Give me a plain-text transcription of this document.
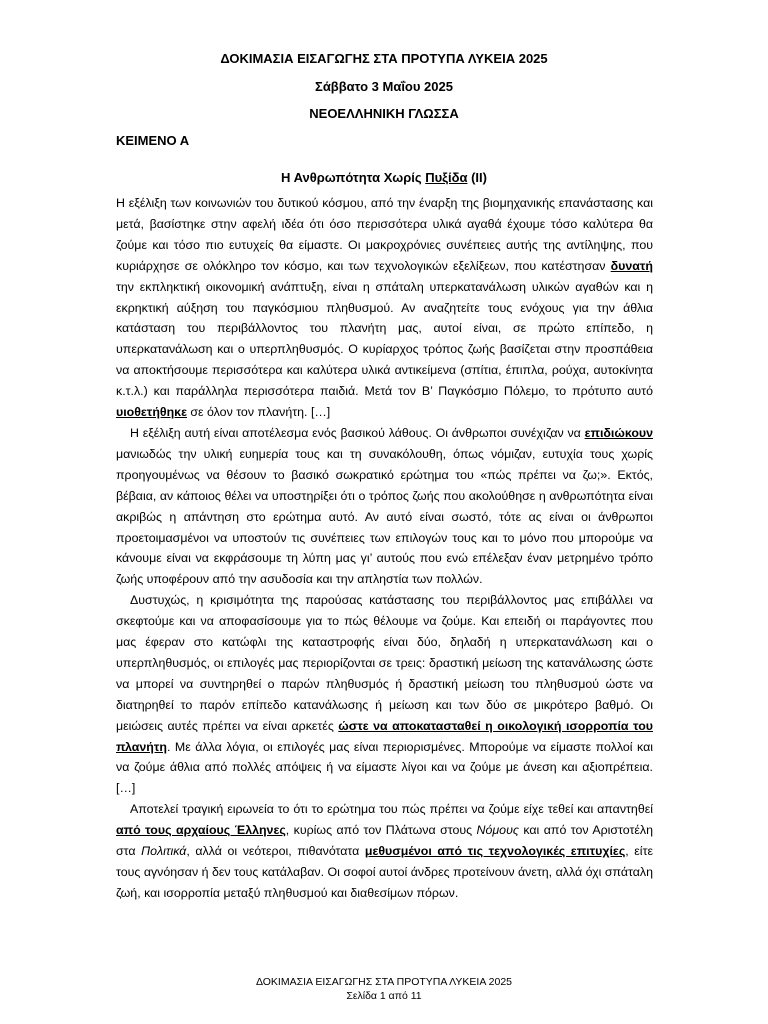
ΔΟΚΙΜΑΣΙΑ ΕΙΣΑΓΩΓΗΣ ΣΤΑ ΠΡΟΤΥΠΑ ΛΥΚΕΙΑ 2025
Σάββατο 3 Μαΐου 2025
ΝΕΟΕΛΛΗΝΙΚΗ ΓΛΩΣΣΑ
ΚΕΙΜΕΝΟ Α
Η Ανθρωπότητα Χωρίς Πυξίδα (ΙΙ)

Η εξέλιξη των κοινωνιών του δυτικού κόσμου, από την έναρξη της βιομηχανικής επανάστασης και μετά, βασίστηκε στην αφελή ιδέα ότι όσο περισσότερα υλικά αγαθά έχουμε τόσο καλύτερα θα ζούμε και τόσο πιο ευτυχείς θα είμαστε. Οι μακροχρόνιες συνέπειες αυτής της αντίληψης, που κυριάρχησε σε ολόκληρο τον κόσμο, και των τεχνολογικών εξελίξεων, που κατέστησαν δυνατή την εκπληκτική οικονομική ανάπτυξη, είναι η σπάταλη υπερκατανάλωση υλικών αγαθών και η εκρηκτική αύξηση του παγκόσμιου πληθυσμού. Αν αναζητείτε τους ενόχους για την άθλια κατάσταση του περιβάλλοντος του πλανήτη μας, αυτοί είναι, σε πρώτο επίπεδο, η υπερκατανάλωση και ο υπερπληθυσμός. Ο κυρίαρχος τρόπος ζωής βασίζεται στην προσπάθεια να αποκτήσουμε περισσότερα και καλύτερα υλικά αντικείμενα (σπίτια, έπιπλα, ρούχα, αυτοκίνητα κ.τ.λ.) και παράλληλα περισσότερα παιδιά. Μετά τον Β’ Παγκόσμιο Πόλεμο, το πρότυπο αυτό υιοθετήθηκε σε όλον τον πλανήτη. […]

Η εξέλιξη αυτή είναι αποτέλεσμα ενός βασικού λάθους. Οι άνθρωποι συνέχιζαν να επιδιώκουν μανιωδώς την υλική ευημερία τους και τη συνακόλουθη, όπως νόμιζαν, ευτυχία τους χωρίς προηγουμένως να θέσουν το βασικό σωκρατικό ερώτημα του «πώς πρέπει να ζω;». Εκτός, βέβαια, αν κάποιος θέλει να υποστηρίξει ότι ο τρόπος ζωής που ακολούθησε η ανθρωπότητα είναι ακριβώς η απάντηση στο ερώτημα αυτό. Αν αυτό είναι σωστό, τότε ας είναι οι άνθρωποι προετοιμασμένοι να υποστούν τις συνέπειες των επιλογών τους και το μόνο που μπορούμε να κάνουμε είναι να εκφράσουμε τη λύπη μας γι’ αυτούς που ενώ επέλεξαν έναν μετρημένο τρόπο ζωής υποφέρουν από την ασυδοσία και την απληστία των πολλών.

Δυστυχώς, η κρισιμότητα της παρούσας κατάστασης του περιβάλλοντος μας επιβάλλει να σκεφτούμε και να αποφασίσουμε για το πώς θέλουμε να ζούμε. Και επειδή οι παράγοντες που μας έφεραν στο κατώφλι της καταστροφής είναι δύο, δηλαδή η υπερκατανάλωση και ο υπερπληθυσμός, οι επιλογές μας περιορίζονται σε τρεις: δραστική μείωση της κατανάλωσης ώστε να μπορεί να συντηρηθεί ο παρών πληθυσμός ή δραστική μείωση του πληθυσμού ώστε να διατηρηθεί το παρόν επίπεδο κατανάλωσης ή μείωση και των δύο σε μικρότερο βαθμό. Οι μειώσεις αυτές πρέπει να είναι αρκετές ώστε να αποκατασταθεί η οικολογική ισορροπία του πλανήτη. Με άλλα λόγια, οι επιλογές μας είναι περιορισμένες. Μπορούμε να είμαστε πολλοί και να ζούμε άθλια από πολλές απόψεις ή να είμαστε λίγοι και να ζούμε με άνεση και αξιοπρέπεια. […]

Αποτελεί τραγική ειρωνεία το ότι το ερώτημα του πώς πρέπει να ζούμε είχε τεθεί και απαντηθεί από τους αρχαίους Έλληνες, κυρίως από τον Πλάτωνα στους Νόμους και από τον Αριστοτέλη στα Πολιτικά, αλλά οι νεότεροι, πιθανότατα μεθυσμένοι από τις τεχνολογικές επιτυχίες, είτε τους αγνόησαν ή δεν τους κατάλαβαν. Οι σοφοί αυτοί άνδρες προτείνουν άνετη, αλλά όχι σπάταλη ζωή, και ισορροπία μεταξύ πληθυσμού και διαθεσίμων πόρων.

ΔΟΚΙΜΑΣΙΑ ΕΙΣΑΓΩΓΗΣ ΣΤΑ ΠΡΟΤΥΠΑ ΛΥΚΕΙΑ 2025
Σελίδα 1 από 11
